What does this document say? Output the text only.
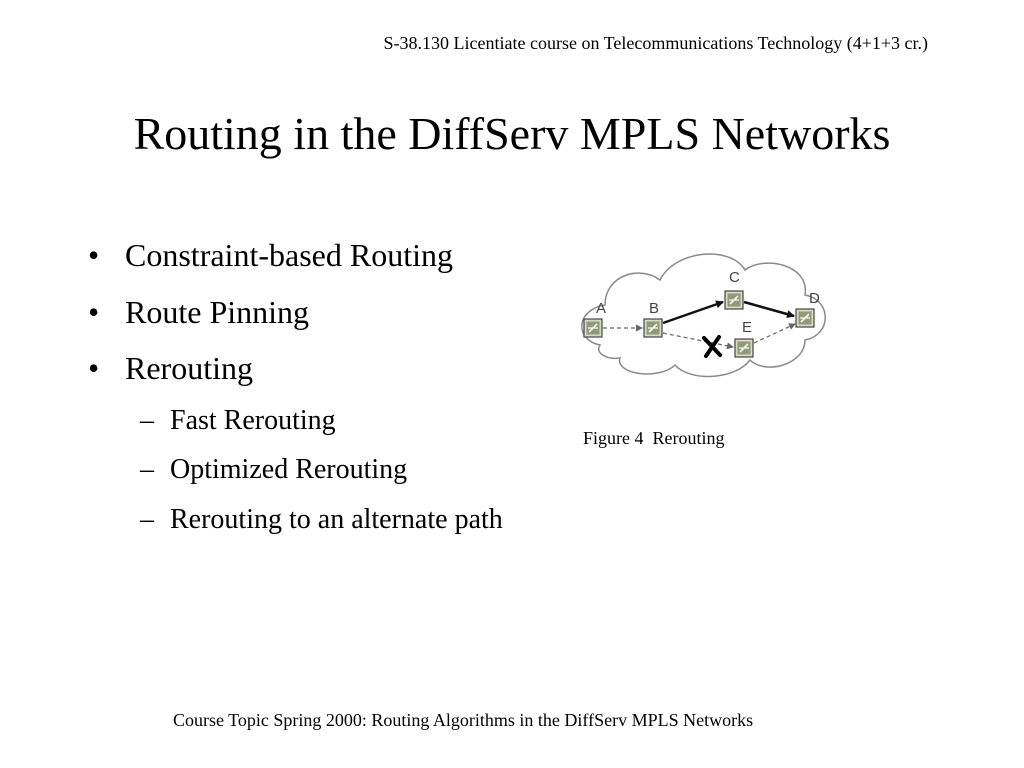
S-38.130 Licentiate course on Telecommunications Technology (4+1+3 cr.)
Routing in the DiffServ MPLS Networks
• Constraint-based Routing
• Route Pinning
• Rerouting
– Fast Rerouting
– Optimized Rerouting
– Rerouting to an alternate path
A	B
C
D
E
Figure 4  Rerouting
Course Topic Spring 2000: Routing Algorithms in the DiffServ MPLS Networks
